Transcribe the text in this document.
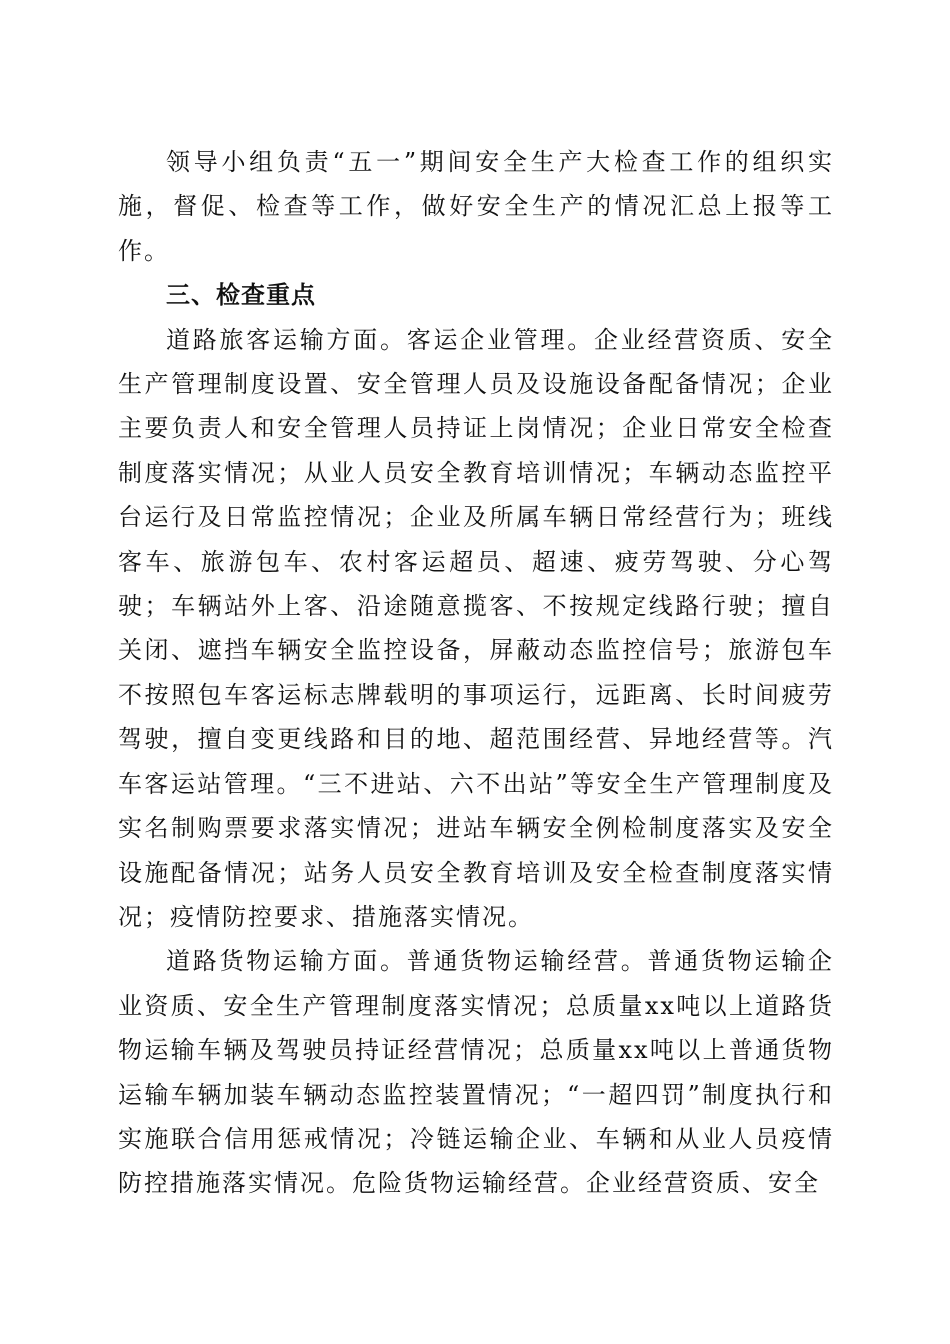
领导小组负责“五一”期间安全生产大检查工作的组织实施，督促、检查等工作，做好安全生产的情况汇总上报等工作。

三、检查重点

道路旅客运输方面。客运企业管理。企业经营资质、安全生产管理制度设置、安全管理人员及设施设备配备情况；企业主要负责人和安全管理人员持证上岗情况；企业日常安全检查制度落实情况；从业人员安全教育培训情况；车辆动态监控平台运行及日常监控情况；企业及所属车辆日常经营行为；班线客车、旅游包车、农村客运超员、超速、疲劳驾驶、分心驾驶；车辆站外上客、沿途随意揽客、不按规定线路行驶；擅自关闭、遮挡车辆安全监控设备，屏蔽动态监控信号；旅游包车不按照包车客运标志牌载明的事项运行，远距离、长时间疲劳驾驶，擅自变更线路和目的地、超范围经营、异地经营等。汽车客运站管理。“三不进站、六不出站”等安全生产管理制度及实名制购票要求落实情况；进站车辆安全例检制度落实及安全设施配备情况；站务人员安全教育培训及安全检查制度落实情况；疫情防控要求、措施落实情况。

道路货物运输方面。普通货物运输经营。普通货物运输企业资质、安全生产管理制度落实情况；总质量xx吨以上道路货物运输车辆及驾驶员持证经营情况；总质量xx吨以上普通货物运输车辆加装车辆动态监控装置情况；“一超四罚”制度执行和实施联合信用惩戒情况；冷链运输企业、车辆和从业人员疫情防控措施落实情况。危险货物运输经营。企业经营资质、安全
